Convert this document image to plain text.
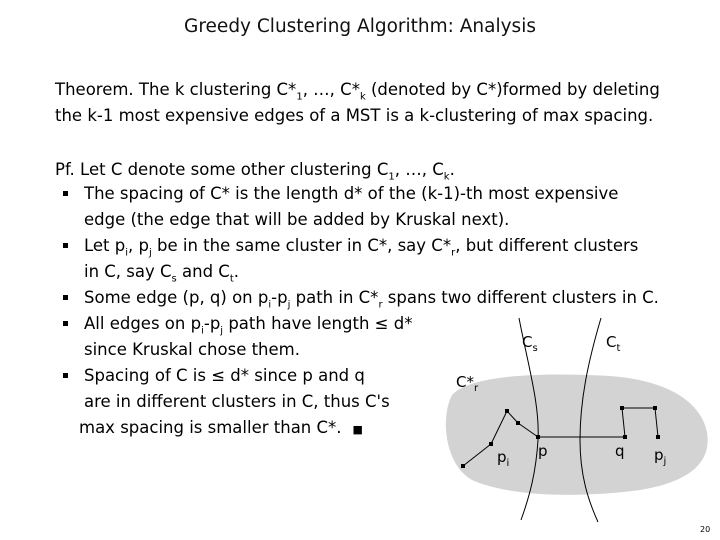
Greedy Clustering Algorithm: Analysis
Theorem. The k clustering $C*_1$, …, $C*_k$ (denoted by C*)formed by deleting
the k-1 most expensive edges of a MST is a k-clustering of max spacing.
Pf. Let C denote some other clustering $C_1$, …, $C_k$.
The spacing of C* is the length d* of the (k-1)-th most expensive
edge (the edge that will be added by Kruskal next).
Let $p_i$, $p_j$ be in the same cluster in C*, say $C*_r$, but different clusters
in C, say $C_s$ and $C_t$.
Some edge (p, q) on $p_i-p_j$ path in $C*_r$ spans two different clusters in C.
All edges on $p_i-p_j$ path have length ≤ d*
since Kruskal chose them.
Spacing of C is ≤ d* since p and q
are in different clusters in C, thus C's
max spacing is smaller than C*. ■
$C_s$	$C_t$
$C*_r$
$p_i$
p	q $p_j$
20
